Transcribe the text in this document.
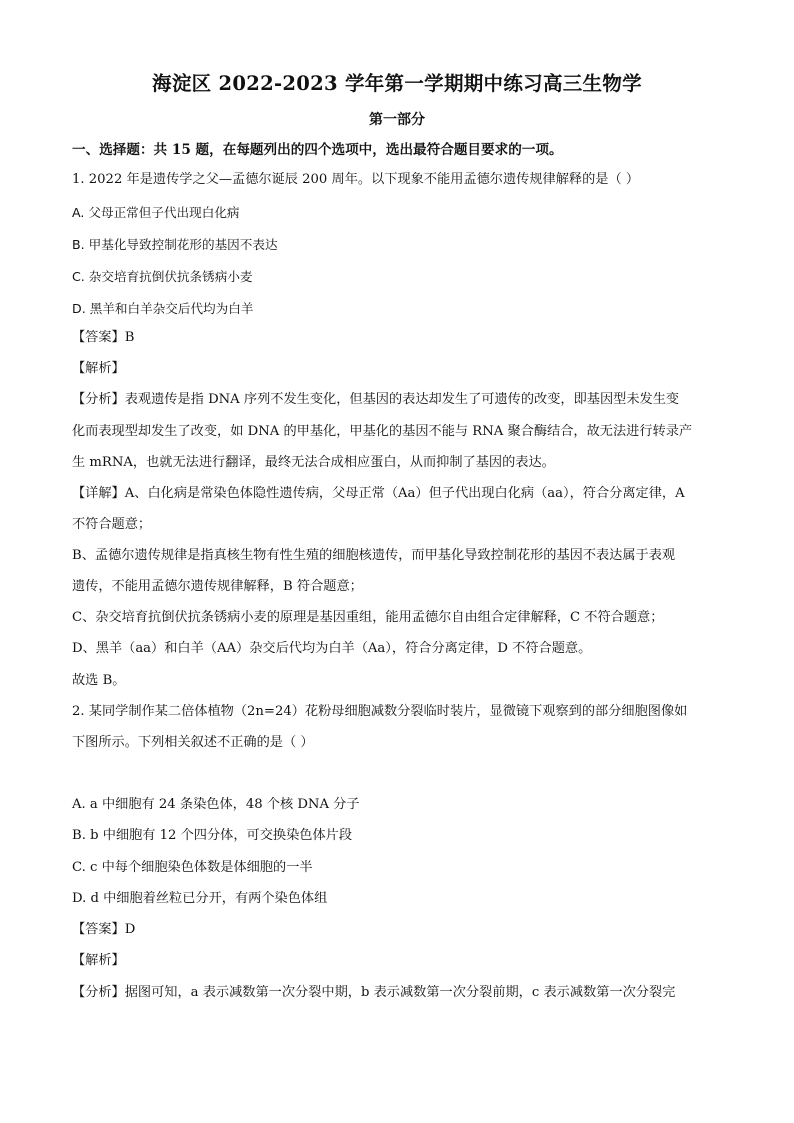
海淀区 2022-2023 学年第一学期期中练习高三生物学
第一部分
一、选择题：共 15 题，在每题列出的四个选项中，选出最符合题目要求的一项。
1. 2022 年是遗传学之父—孟德尔诞辰 200 周年。以下现象不能用孟德尔遗传规律解释的是（ ）
A. 父母正常但子代出现白化病
B. 甲基化导致控制花形的基因不表达
C. 杂交培育抗倒伏抗条锈病小麦
D. 黑羊和白羊杂交后代均为白羊
【答案】B
【解析】
【分析】表观遗传是指 DNA 序列不发生变化，但基因的表达却发生了可遗传的改变，即基因型未发生变
化而表现型却发生了改变，如 DNA 的甲基化，甲基化的基因不能与 RNA 聚合酶结合，故无法进行转录产
生 mRNA，也就无法进行翻译，最终无法合成相应蛋白，从而抑制了基因的表达。
【详解】A、白化病是常染色体隐性遗传病，父母正常（Aa）但子代出现白化病（aa），符合分离定律，A
不符合题意；
B、孟德尔遗传规律是指真核生物有性生殖的细胞核遗传，而甲基化导致控制花形的基因不表达属于表观
遗传，不能用孟德尔遗传规律解释，B 符合题意；
C、杂交培育抗倒伏抗条锈病小麦的原理是基因重组，能用孟德尔自由组合定律解释，C 不符合题意；
D、黑羊（aa）和白羊（AA）杂交后代均为白羊（Aa），符合分离定律，D 不符合题意。
故选 B。
2. 某同学制作某二倍体植物（2n=24）花粉母细胞减数分裂临时装片，显微镜下观察到的部分细胞图像如
下图所示。下列相关叙述不正确的是（ ）
A. a 中细胞有 24 条染色体，48 个核 DNA 分子
B. b 中细胞有 12 个四分体，可交换染色体片段
C. c 中每个细胞染色体数是体细胞的一半
D. d 中细胞着丝粒已分开，有两个染色体组
【答案】D
【解析】
【分析】据图可知，a 表示减数第一次分裂中期，b 表示减数第一次分裂前期，c 表示减数第一次分裂完
